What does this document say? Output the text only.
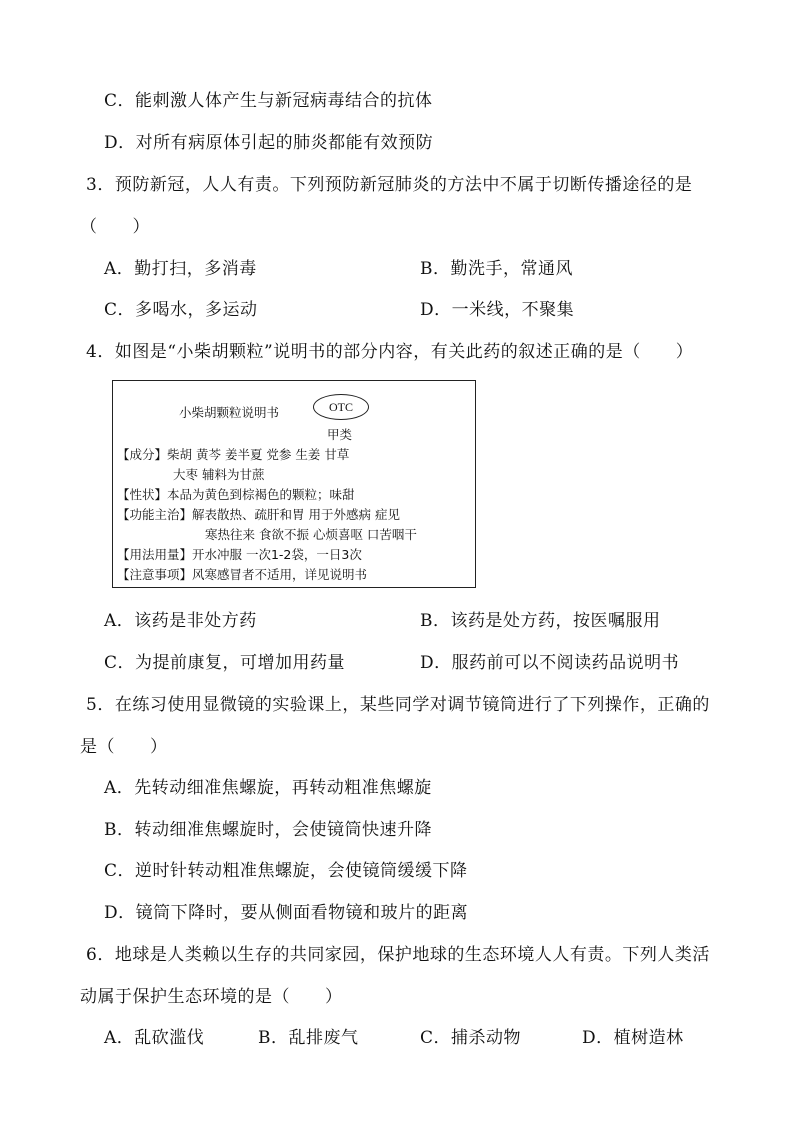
C．能刺激人体产生与新冠病毒结合的抗体
D．对所有病原体引起的肺炎都能有效预防
3．预防新冠，人人有责。下列预防新冠肺炎的方法中不属于切断传播途径的是
（　　）
A．勤打扫，多消毒	B．勤洗手，常通风
C．多喝水，多运动	D．一米线，不聚集
4．如图是“小柴胡颗粒”说明书的部分内容，有关此药的叙述正确的是（　　）
小柴胡颗粒说明书	OTC
甲类
【成分】柴胡 黄芩 姜半夏 党参 生姜 甘草
大枣 辅料为甘蔗
【性状】本品为黄色到棕褐色的颗粒；味甜
【功能主治】解表散热、疏肝和胃 用于外感病 症见
寒热往来 食欲不振 心烦喜呕 口苦咽干
【用法用量】开水冲服 一次1-2袋，一日3次
【注意事项】风寒感冒者不适用，详见说明书
A．该药是非处方药	B．该药是处方药，按医嘱服用
C．为提前康复，可增加用药量	D．服药前可以不阅读药品说明书
5．在练习使用显微镜的实验课上，某些同学对调节镜筒进行了下列操作，正确的
是（　　）
A．先转动细准焦螺旋，再转动粗准焦螺旋
B．转动细准焦螺旋时，会使镜筒快速升降
C．逆时针转动粗准焦螺旋，会使镜筒缓缓下降
D．镜筒下降时，要从侧面看物镜和玻片的距离
6．地球是人类赖以生存的共同家园，保护地球的生态环境人人有责。下列人类活
动属于保护生态环境的是（　　）
A．乱砍滥伐	B．乱排废气	C．捕杀动物	D．植树造林
